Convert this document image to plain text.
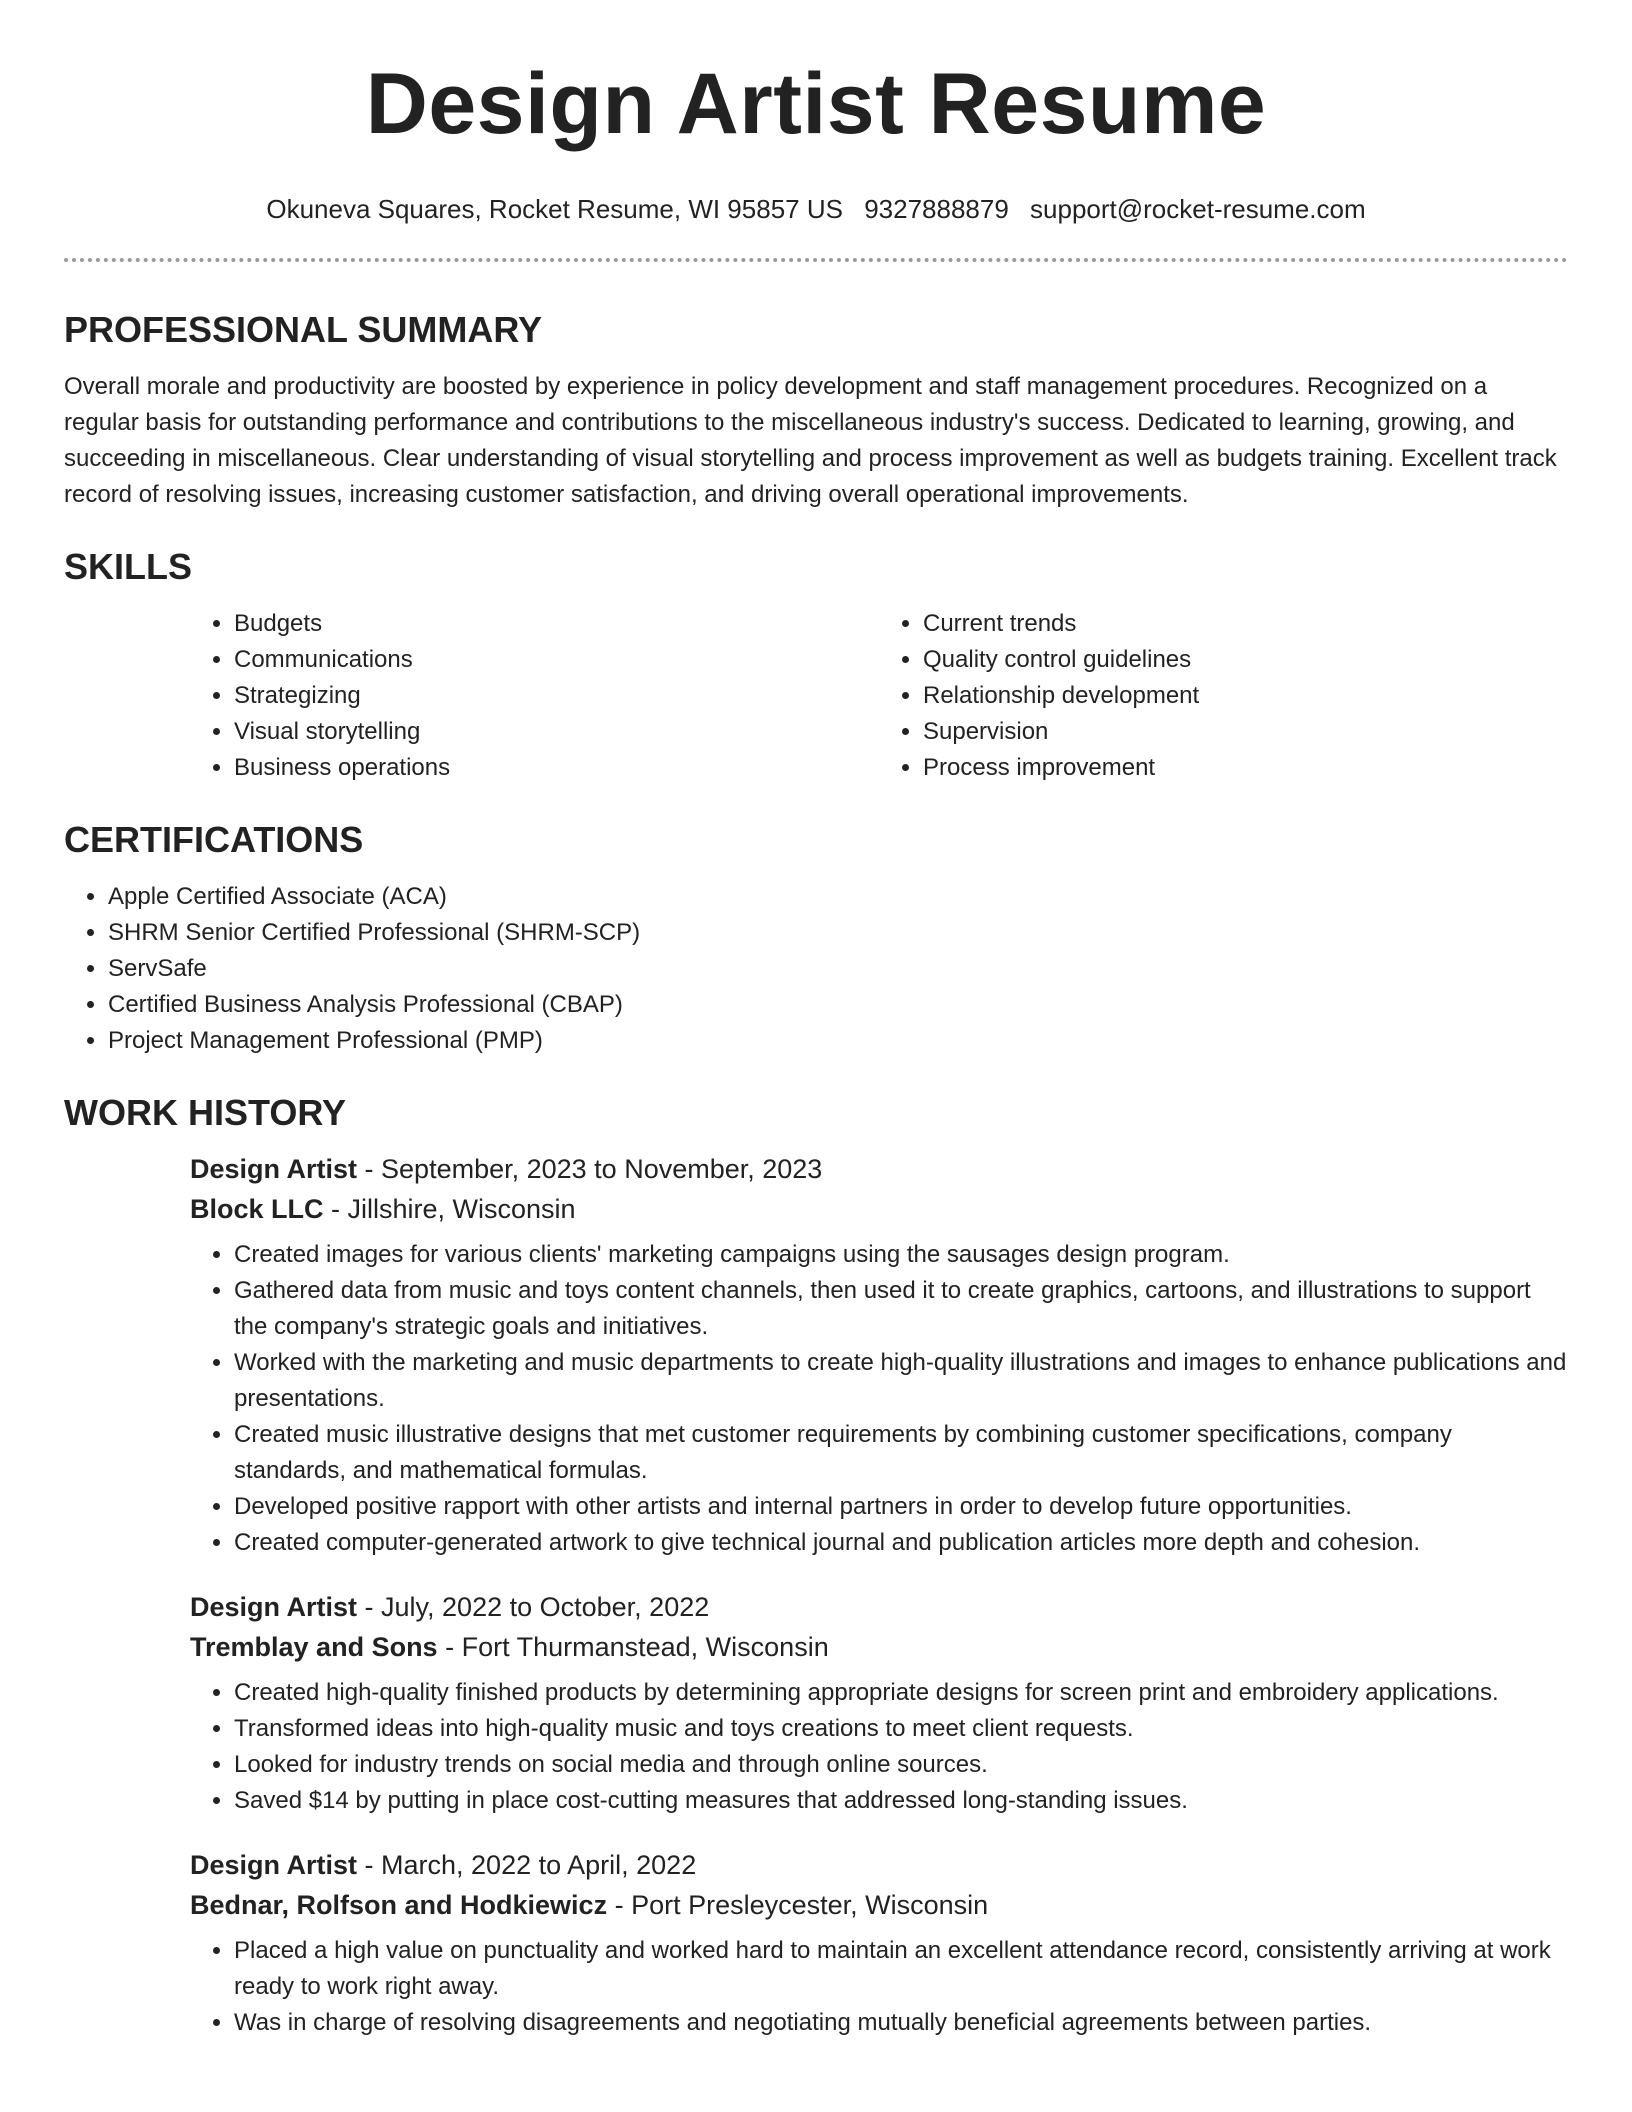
Design Artist Resume
Okuneva Squares, Rocket Resume, WI 95857 US 9327888879 support@rocket-resume.com
PROFESSIONAL SUMMARY

Overall morale and productivity are boosted by experience in policy development and staff management procedures. Recognized on a regular basis for outstanding performance and contributions to the miscellaneous industry's success. Dedicated to learning, growing, and succeeding in miscellaneous. Clear understanding of visual storytelling and process improvement as well as budgets training. Excellent track record of resolving issues, increasing customer satisfaction, and driving overall operational improvements.

SKILLS
• Budgets
• Communications
• Strategizing
• Visual storytelling
• Business operations
• Current trends
• Quality control guidelines
• Relationship development
• Supervision
• Process improvement
CERTIFICATIONS
• Apple Certified Associate (ACA)
• SHRM Senior Certified Professional (SHRM-SCP)
• ServSafe
• Certified Business Analysis Professional (CBAP)
• Project Management Professional (PMP)
WORK HISTORY
Design Artist - September, 2023 to November, 2023
Block LLC - Jillshire, Wisconsin
• Created images for various clients' marketing campaigns using the sausages design program.
• Gathered data from music and toys content channels, then used it to create graphics, cartoons, and illustrations to support the company's strategic goals and initiatives.
• Worked with the marketing and music departments to create high-quality illustrations and images to enhance publications and presentations.
• Created music illustrative designs that met customer requirements by combining customer specifications, company standards, and mathematical formulas.
• Developed positive rapport with other artists and internal partners in order to develop future opportunities.
• Created computer-generated artwork to give technical journal and publication articles more depth and cohesion.
Design Artist - July, 2022 to October, 2022
Tremblay and Sons - Fort Thurmanstead, Wisconsin
• Created high-quality finished products by determining appropriate designs for screen print and embroidery applications.
• Transformed ideas into high-quality music and toys creations to meet client requests.
• Looked for industry trends on social media and through online sources.
• Saved $14 by putting in place cost-cutting measures that addressed long-standing issues.
Design Artist - March, 2022 to April, 2022
Bednar, Rolfson and Hodkiewicz - Port Presleycester, Wisconsin
• Placed a high value on punctuality and worked hard to maintain an excellent attendance record, consistently arriving at work ready to work right away.
• Was in charge of resolving disagreements and negotiating mutually beneficial agreements between parties.
